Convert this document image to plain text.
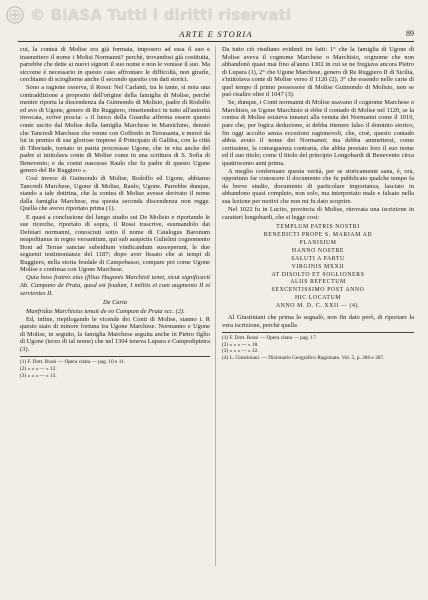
© BiASA Tutti i diritti riservati
ARTE E STORIA	89

cui, la contea di Molise era già formata, imposero ad essa il suo e trasmettero il nome i Molisi Normanni? perchè, trovandosi già costituita, parrebbe che dette ai nuovi signori il suo nome e non le venisse il suo. Ma siccome è necessario in questo caso affrontare le difficoltà, non girarle, cerchiamo di scioglierne anche il secondo quesito con dati storici.

Sono a ragione osserva, il Rossi: Nel Carlanti, tra le tante, si nota una contraddizione a proposito dell'origine della famiglia di Molise, perchè mentre riporta la discendenza da Guimondo di Molisio, padre di Rodolfo ed avo di Ugone, genero di Re Ruggiero, rimettendoci in tutto all'autorità invocata, scrive poscia: « il luoco della Guardia afferma essere questo conte uscito dal Molise della famiglia Marchese in Marsichino, denotò che Tancredi Marchese che venne con Goffredo in Terrasanta, e mercè da lui in premio di sue gloriose imprese il Principato di Galilea, con la città di Tiberiade, tornato in patria procreasse Ugone, che in vita anche del padre si intitolava conte di Molise come in una scrittura di S. Sofia di Benevento; e da costui nascesse Raulo che fu padre di questo Ugone genero del Re Ruggiero ».

Così invece di Guimondo di Molise, Rodolfo ed Ugone, abbiamo Tancredi Marchese, Ugone di Molise, Raulo, Ugone. Parrebbe dunque, stando a tale dottrina, che la contea di Molise avesse derivato il nome dalla famiglia Marchese, ma questa seconda discendenza non regge. Quella che avevo riportato prima (1).

E quasi a conclusione del lungo studio sui De Molisio e riportando le sue ricerche, riportato di sopra, il Rossi trascrive, esumandolo dai Defetari normanni, conosciuti sotto il nome di Catalogus Baronum neapolitanus in regno versantium, qui sub auspiciis Gulielmi cognomento Boni ad Terrae sanctae subsidium vindicandum susceperunt, le due seguenti testimonianze del 1187; dopo aver fissato che ai tempi di Ruggiero, nella storia feudale di Campobasso, compare poi come Ugone Molise e continua con Ugone Marchese.

Quia hoss fratres eius (filius Hugonis Marchisii tenet, sicut significavit Ab. Campano de Prata, quod est feudum, I militis et cum augmento II et servientes II.

De Caria

Manfridus Marchisius tenuit de eo Campum de Prata scc. (2).

Ed, infine, riepilogando le vicende dei Conti di Molise, stanno i. R questo stato di minore fortuna tra Ugone Marchese. Normanno e Ugone di Molise, in seguito, la famiglia Marchese seguita anche in Pietro figlio di Ugone (terzo di tal nome) che nel 1304 teneva Lupara e Campodipietra (3).

(1) F. Dott. Rossi — Opera citata — pag. 10 e 11.
(2) » » » — » 12.
(3) » » » — » 13.

Da tutto ciò risultano evidenti tre fatti: 1° che la famiglia di Ugone di Molise aveva il cognome Marchese o Marchisio, cognome che non abbandonò quasi mai fino al'anno 1302 in cui se ne fregiava ancora Pietro di Lupara (1), 2° che Ugone Marchese, genero di Re Ruggiero II di Sicilia, s'intitolava conte di Molise verso il 1120 (2), 3° che essendo nelle carte di quel tempo il primo possessore di Molise Guimondo di Molisio, non se può risalire oltre il 1047 (3).

Se, dunque, i Conti normanni di Molise usavano il cognome Marchese o Marchisio, se Ugone Marchisio si ebbe il contado di Molise nel 1120, se la contea di Molise esisteva innanzi alla venuta dei Normanni come il 1010, pare che, per logica deduzione, si debba ritenere falso il dominio storico, fin oggi accolto senza eccezioni ragionevoli, che, cioè, questo contado abbia avuto il nome dei Normanni; ma debba ammettersi, come certissimo, la conseguenza contraria, che abbia prestato loro il suo nome ed il suo titolo; come il titolo del principio Longobardi di Benevento circa quattrocento anni prima.

A meglio confermare questa verità, per se storicamente sana, è, ora, opportuno far conoscere il documento che fu pubblicato qualche tempo fa da breve studio, documento di particolare importanza, lasciato in abbandono quasi completo, non solo, ma interpretato male e falsato nella sua lezione per motivi che non mi fu dato scoprire.

Nel 1022 fu in Lucito, provincia di Molise, ritrovata una iscrizione in caratteri longobardi, che si legge così:

TEMPLUM PATRIS NOSTRI
BENEDICTI PROPE S. MARIAM AD
PLANISIUM
HANNO NOSTRE
SALUTI A PARTU
VIRGINIS MXXII
AT DISOLTO ET SOGLIONERS
ALIIS REFECTUM
SEXCENTISSIMO POST ANNO
HIC LOCATUM
ANNO M. D. C. XXII — (4).

Al Giustiniani che prima lo segnalò, non fin dato però, di riportare la vera iscrizione, perchè quella

(1) F. Dott. Rossi — Opera citata — pag. 17.
(2) » » » — » 18.
(3) » » » — » 22.
(4) L. Giustiniani. — Dizionario Geografico Ragionato. Vol. 5, p. 306 e 307.
